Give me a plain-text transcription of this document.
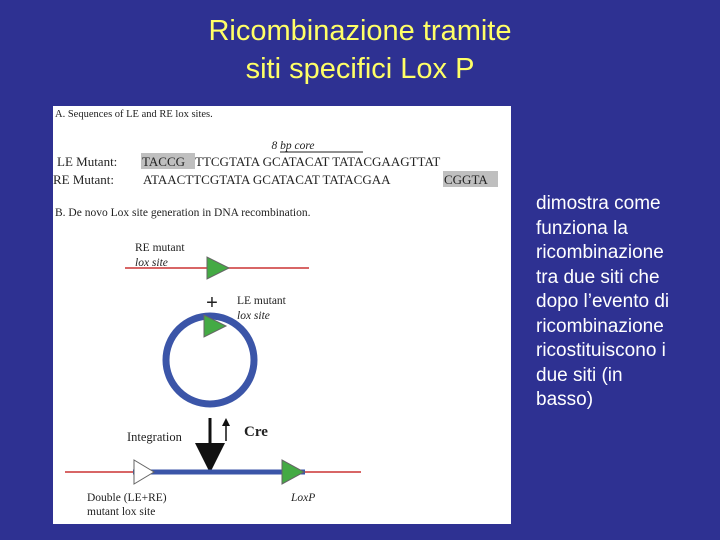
Ricombinazione tramite
siti specifici Lox P
A. Sequences of LE and RE lox sites.
8 bp core
LE Mutant: TACCG TTCGTATA GCATACAT TATACGAAGTTAT
RE Mutant: ATAACTTCGTATA GCATACAT TATACGAA	CGGTA
B. De novo Lox site generation in DNA recombination.
RE mutant
lox site
+ LE mutant
lox site
Cre
Integration
Double (LE+RE)
mutant lox site
LoxP
dimostra come
funziona la
ricombinazione
tra due siti che
dopo l’evento di
ricombinazione
ricostituiscono i
due siti (in
basso)
